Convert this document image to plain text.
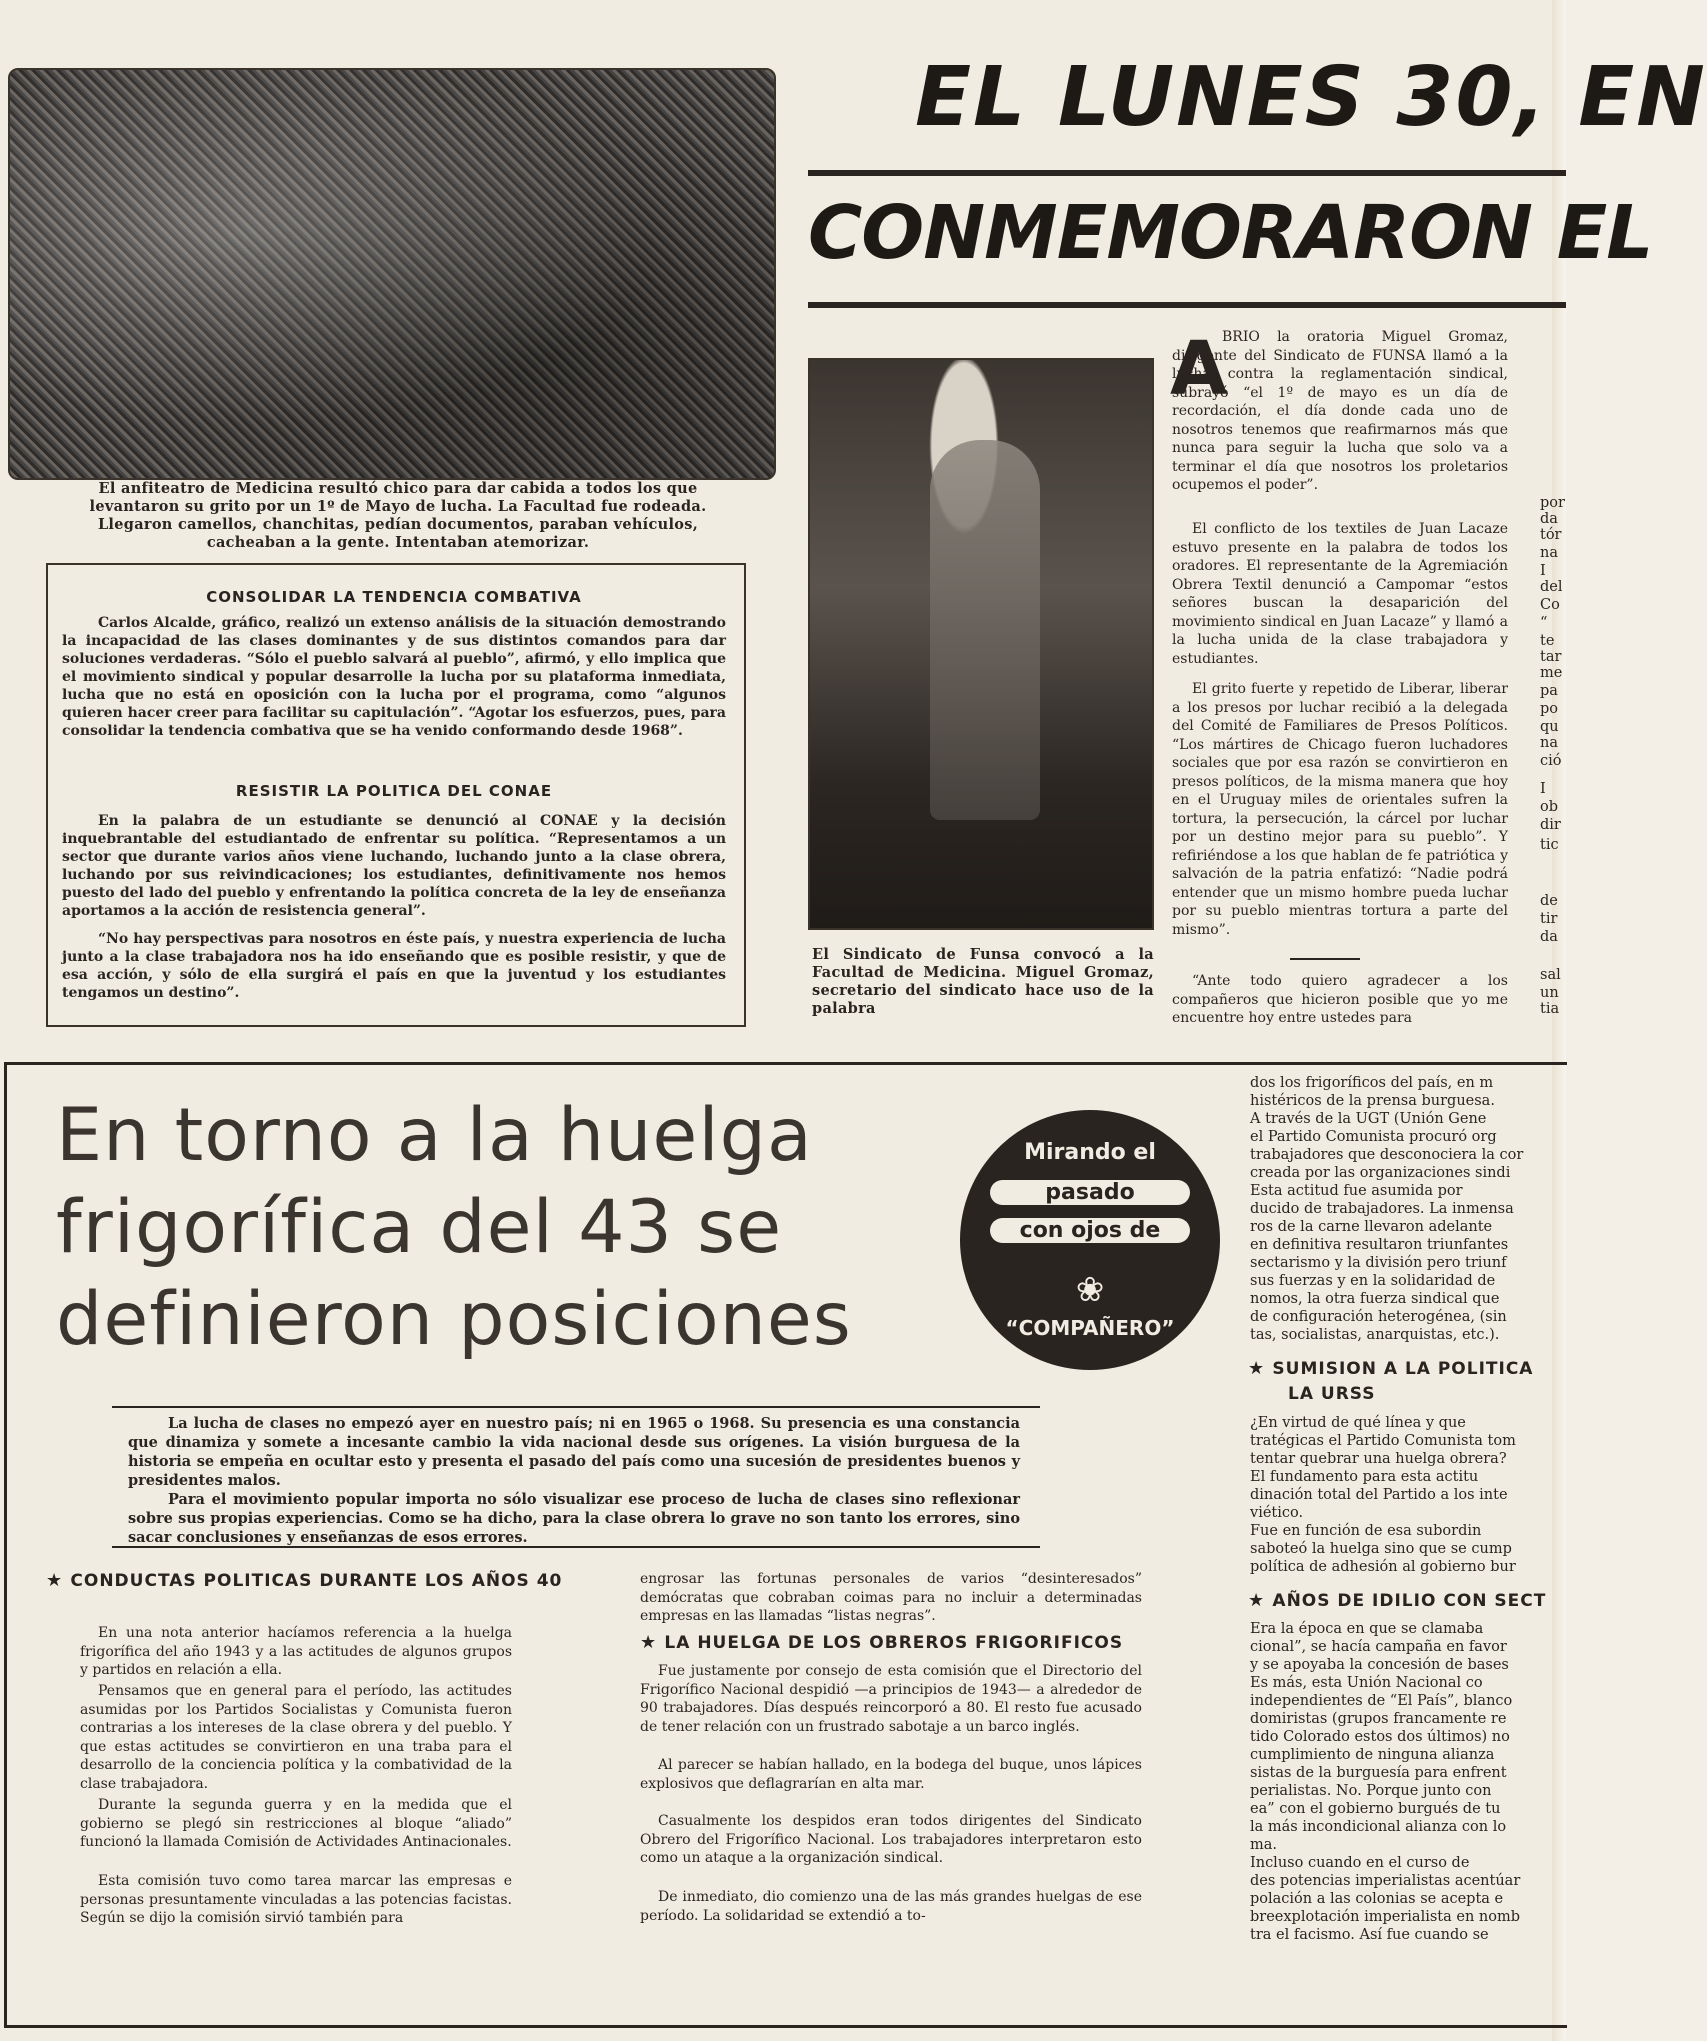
El anfiteatro de Medicina resultó chico para dar cabida a todos los que levantaron su grito por un 1º de Mayo de lucha. La Facultad fue rodeada. Llegaron camellos, chanchitas, pedían documentos, paraban vehículos, cacheaban a la gente. Intentaban atemorizar.
CONSOLIDAR LA TENDENCIA COMBATIVA
Carlos Alcalde, gráfico, realizó un extenso análisis de la situación demostrando la incapacidad de las clases dominantes y de sus distintos comandos para dar soluciones verdaderas. “Sólo el pueblo salvará al pueblo”, afirmó, y ello implica que el movimiento sindical y popular desarrolle la lucha por su plataforma inmediata, lucha que no está en oposición con la lucha por el programa, como “algunos quieren hacer creer para facilitar su capitulación”. “Agotar los esfuerzos, pues, para consolidar la tendencia combativa que se ha venido conformando desde 1968”.
RESISTIR LA POLITICA DEL CONAE
En la palabra de un estudiante se denunció al CONAE y la decisión inquebrantable del estudiantado de enfrentar su política. “Representamos a un sector que durante varios años viene luchando, luchando junto a la clase obrera, luchando por sus reivindicaciones; los estudiantes, definitivamente nos hemos puesto del lado del pueblo y enfrentando la política concreta de la ley de enseñanza aportamos a la acción de resistencia general”.
“No hay perspectivas para nosotros en éste país, y nuestra experiencia de lucha junto a la clase trabajadora nos ha ido enseñando que es posible resistir, y que de esa acción, y sólo de ella surgirá el país en que la juventud y los estudiantes tengamos un destino”.
EL LUNES 30, EN
CONMEMORARON EL
El Sindicato de Funsa convocó a la Facultad de Medicina. Miguel Gromaz, secretario del sindicato hace uso de la palabra
A
BRIO la oratoria Miguel Gromaz, dirigente del Sindicato de FUNSA llamó a la lucha contra la reglamentación sindical, subrayó “el 1º de mayo es un día de recordación, el día donde cada uno de nosotros tenemos que reafirmarnos más que nunca para seguir la lucha que solo va a terminar el día que nosotros los proletarios ocupemos el poder”.
El conflicto de los textiles de Juan Lacaze estuvo presente en la palabra de todos los oradores. El representante de la Agremiación Obrera Textil denunció a Campomar “estos señores buscan la desaparición del movimiento sindical en Juan Lacaze” y llamó a la lucha unida de la clase trabajadora y estudiantes.
El grito fuerte y repetido de Liberar, liberar a los presos por luchar recibió a la delegada del Comité de Familiares de Presos Políticos. “Los mártires de Chicago fueron luchadores sociales que por esa razón se convirtieron en presos políticos, de la misma manera que hoy en el Uruguay miles de orientales sufren la tortura, la persecución, la cárcel por luchar por un destino mejor para su pueblo”. Y refiriéndose a los que hablan de fe patriótica y salvación de la patria enfatizó: “Nadie podrá entender que un mismo hombre pueda luchar por su pueblo mientras tortura a parte del mismo”.
“Ante todo quiero agradecer a los compañeros que hicieron posible que yo me encuentre hoy entre ustedes para
por
da
tór
na
I
del
Co
“
te
tar
me
pa
po
qu
na
ció
I
ob
dir
tic
de
tir
da
sal
un
tia
En torno a la huelga frigorífica del 43 se definieron posiciones
Mirando el
pasado
con ojos de
❀
“COMPAÑERO”
La lucha de clases no empezó ayer en nuestro país; ni en 1965 o 1968. Su presencia es una constancia que dinamiza y somete a incesante cambio la vida nacional desde sus orígenes. La visión burguesa de la historia se empeña en ocultar esto y presenta el pasado del país como una sucesión de presidentes buenos y presidentes malos.
Para el movimiento popular importa no sólo visualizar ese proceso de lucha de clases sino reflexionar sobre sus propias experiencias. Como se ha dicho, para la clase obrera lo grave no son tanto los errores, sino sacar conclusiones y enseñanzas de esos errores.
★ CONDUCTAS POLITICAS DURANTE LOS AÑOS 40
En una nota anterior hacíamos referencia a la huelga frigorífica del año 1943 y a las actitudes de algunos grupos y partidos en relación a ella.
Pensamos que en general para el período, las actitudes asumidas por los Partidos Socialistas y Comunista fueron contrarias a los intereses de la clase obrera y del pueblo. Y que estas actitudes se convirtieron en una traba para el desarrollo de la conciencia política y la combatividad de la clase trabajadora.
Durante la segunda guerra y en la medida que el gobierno se plegó sin restricciones al bloque “aliado” funcionó la llamada Comisión de Actividades Antinacionales.
Esta comisión tuvo como tarea marcar las empresas e personas presuntamente vinculadas a las potencias facistas. Según se dijo la comisión sirvió también para
engrosar las fortunas personales de varios “desinteresados” demócratas que cobraban coimas para no incluir a determinadas empresas en las llamadas “listas negras”.
★ LA HUELGA DE LOS OBREROS FRIGORIFICOS
Fue justamente por consejo de esta comisión que el Directorio del Frigorífico Nacional despidió —a principios de 1943— a alrededor de 90 trabajadores. Días después reincorporó a 80. El resto fue acusado de tener relación con un frustrado sabotaje a un barco inglés.
Al parecer se habían hallado, en la bodega del buque, unos lápices explosivos que deflagrarían en alta mar.
Casualmente los despidos eran todos dirigentes del Sindicato Obrero del Frigorífico Nacional. Los trabajadores interpretaron esto como un ataque a la organización sindical.
De inmediato, dio comienzo una de las más grandes huelgas de ese período. La solidaridad se extendió a to-
dos los frigoríficos del país, en m
histéricos de la prensa burguesa.
A través de la UGT (Unión Gene
el Partido Comunista procuró org
trabajadores que desconociera la cor
creada por las organizaciones sindi
Esta actitud fue asumida por
ducido de trabajadores. La inmensa
ros de la carne llevaron adelante
en definitiva resultaron triunfantes
sectarismo y la división pero triunf
sus fuerzas y en la solidaridad de
nomos, la otra fuerza sindical que
de configuración heterogénea, (sin
tas, socialistas, anarquistas, etc.).
★ SUMISION A LA POLITICA
LA URSS
¿En virtud de qué línea y que
tratégicas el Partido Comunista tom
tentar quebrar una huelga obrera?
El fundamento para esta actitu
dinación total del Partido a los inte
viético.
Fue en función de esa subordin
saboteó la huelga sino que se cump
política de adhesión al gobierno bur
★ AÑOS DE IDILIO CON SECT
Era la época en que se clamaba
cional”, se hacía campaña en favor
y se apoyaba la concesión de bases
Es más, esta Unión Nacional co
independientes de “El País”, blanco
domiristas (grupos francamente re
tido Colorado estos dos últimos) no
cumplimiento de ninguna alianza
sistas de la burguesía para enfrent
perialistas. No. Porque junto con
ea” con el gobierno burgués de tu
la más incondicional alianza con lo
ma.
Incluso cuando en el curso de
des potencias imperialistas acentúar
polación a las colonias se acepta e
breexplotación imperialista en nomb
tra el facismo. Así fue cuando se
